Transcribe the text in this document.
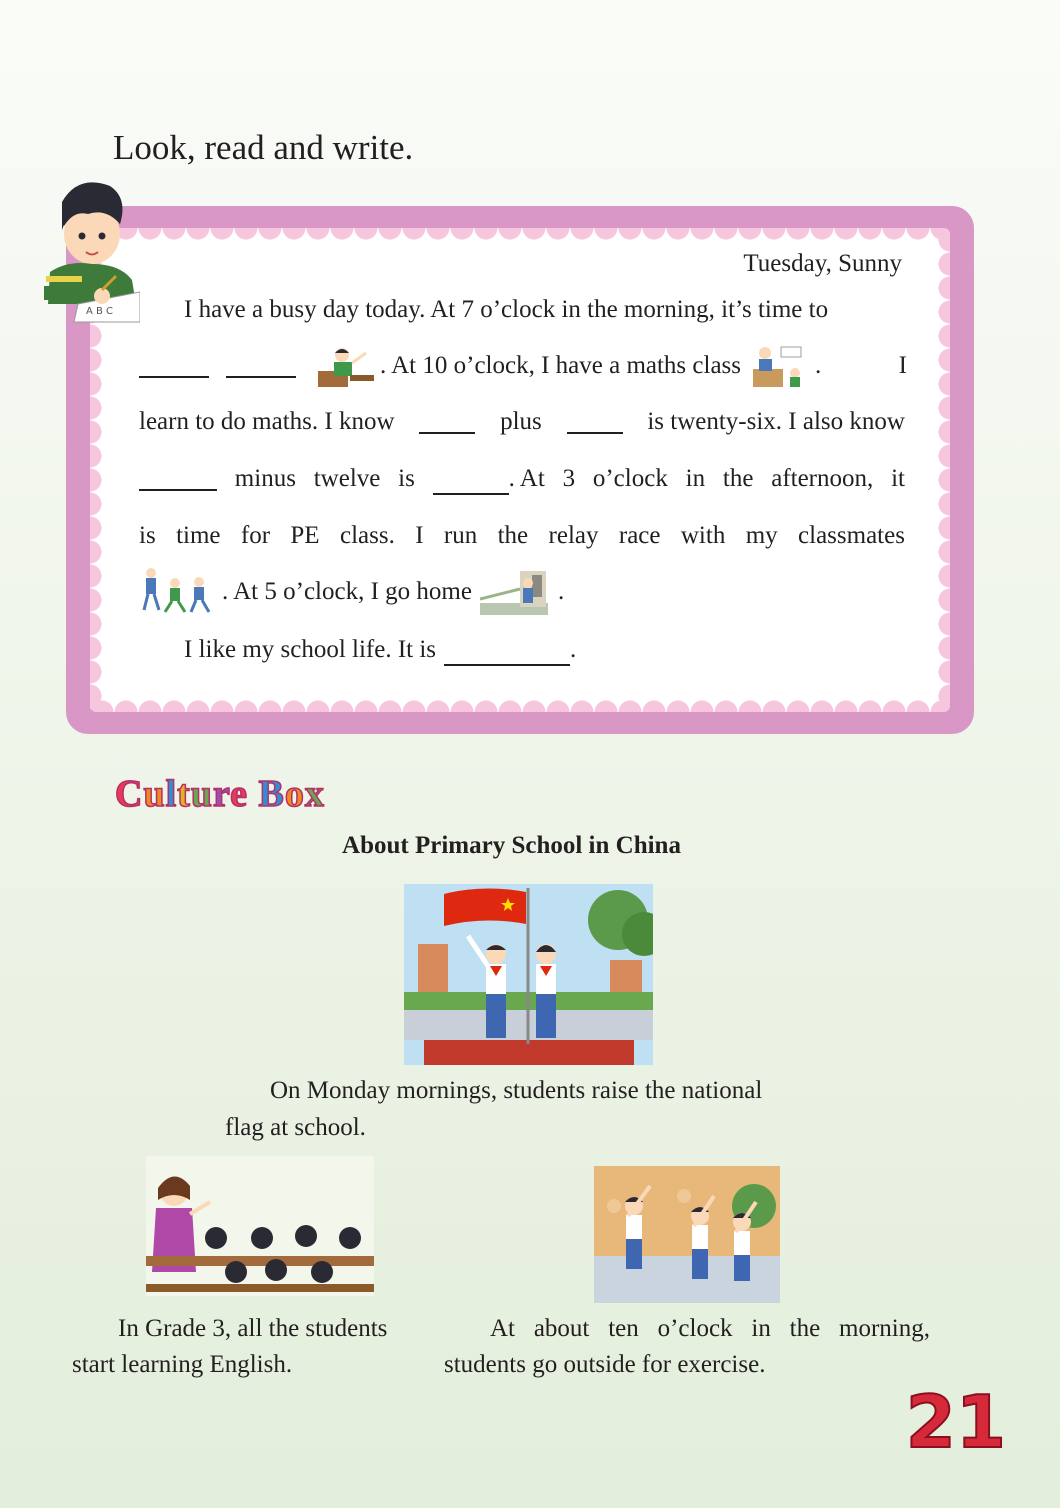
Look, read and write.
A B C
Tuesday, Sunny
I have a busy day today. At 7 o’clock in the morning, it’s time to
. At 10 o’clock, I have a maths class	.	I
learn to do maths. I know	plus	is twenty-six. I also know
minus twelve is	. At 3 o’clock in the afternoon, it
is time for PE class. I run the relay race with my classmates
. At 5 o’clock, I go home	.
I like my school life. It is	.
Culture Box
About Primary School in China
On Monday mornings, students raise the national
flag at school.
In Grade 3, all the students
start learning English.
At about ten o’clock in the morning,
students go outside for exercise.
21
